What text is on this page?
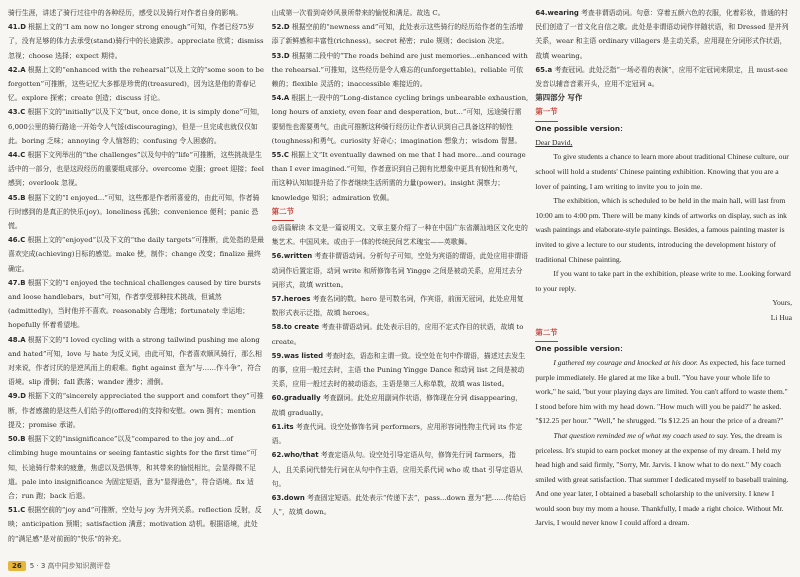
骑行生涯，讲述了骑行过往中的各种经历，感受以及骑行对作者自身的影响。

41.D 根据上文的“I am now no longer strong enough”可知，作者已经75岁了，没有足够的体力去承受(stand)骑行中的长途跋涉。appreciate 欣赏；dismiss 忽视；choose 选择；expect 期待。

42.A 根据上文的“enhanced with the rehearsal”以及上文的“some soon to be forgotten”可推断，这些记忆大多都是珍贵的(treasured)，因为这是他的青春记忆。explore 探索；create 创造；discuss 讨论。

43.C 根据下文的“initially”以及下文“but, once done, it is simply done”可知，6,000公里的骑行路途一开始令人气馁(discouraging)，但是一旦完成也就仅仅如此。boring 乏味；annoying 令人恼怒的；confusing 令人困惑的。

44.C 根据下文列举出的“the challenges”以及句中的“life”可推断，这些挑战是生活中的一部分，也是这段经历的重要组成部分。overcome 克服；greet 迎接；feel 感到；overlook 忽视。

45.B 根据下文的“I enjoyed...”可知，这些都是作者所喜爱的，由此可知，作者骑行时感到的是真正的快乐(joy)。loneliness 孤独；convenience 便利；panic 恐慌。

46.C 根据上文的“enjoyed”以及下文的“the daily targets”可推断，此处指的是最喜欢完成(achieving)日标的感觉。make 使，制作；change 改变；finalize 最终确定。

47.B 根据下文的“I enjoyed the technical challenges caused by tire bursts and loose handlebars，but”可知，作者享受那种技术挑战，但诚然(admittedly)，当时他并不喜欢。reasonably 合理地；fortunately 幸运地；hopefully 怀着希望地。

48.A 根据下文的“I loved cycling with a strong tailwind pushing me along and hated”可知，love 与 hate 为反义词，由此可知，作者喜欢顺风骑行，那么相对来说，作者讨厌的是逆风而上的艰难。fight against 意为“与……作斗争”，符合语境。slip 滑倒；fall 跌落；wander 漫步；滑倒。

49.D 根据下文的“sincerely appreciated the support and comfort they”可推断，作者感激的是这些人们给予的(offered)的支持和安慰。own 拥有；mention 提及；promise 承诺。

50.B 根据下文的“insignificance”以及“compared to the joy and...of climbing huge mountains or seeing fantastic sights for the first time”可知，长途骑行带来的疲惫，焦虑以及恐惧等，和其带来的愉悦相比，会显得微不足道。pale into insignificance 为固定短语，意为“显得逊色”，符合语境。fix 适合；run 跑；back 后退。

51.C 根据空前的“joy and”可推断，空处与 joy 为并列关系。reflection 反射，反映；anticipation 预期；satisfaction 满意；motivation 动机。根据语境，此处的“满足感”是对前面的“快乐”的补充。

山成第一次看到奇妙风景所带来的愉悦和满足。故选 C。

52.D 根据空前的“newness and”可知，此处表示这些骑行的经历给作者的生活增添了新鲜感和丰富性(richness)。secret 秘密；rule 规则；decision 决定。

53.D 根据第二段中的“The roads behind are just memories...enhanced with the rehearsal.”可推知，这些经历是令人难忘的(unforgettable)。reliable 可依赖的；flexible 灵活的；inaccessible 难接近的。

54.A 根据上一段中的“Long-distance cycling brings unbearable exhaustion, long hours of anxiety, even fear and desperation, but...”可知，远途骑行需要韧性也需要勇气，由此可推断这种骑行经历让作者认识到自己具备这样的韧性(toughness)和勇气。curiosity 好奇心；imagination 想象力；wisdom 智慧。

55.C 根据上文“It eventually dawned on me that I had more...and courage than I ever imagined.”可知，作者意识到自己拥有比想象中更具有韧性和勇气，而这种认知如提升给了作者继续生活所需的力量(power)。insight 洞察力；knowledge 知识；admiration 钦佩。

第二节

◎语篇解读 本文是一篇说明文。文章主要介绍了一种在中国广东省潮汕地区文化史的集艺术。中国风来。或由于一体的传统民间艺术瑰宝——英歌舞。

56.written 考查非谓语动词。分析句子可知，空处为宾语的谓语，此处应用非谓语动词作后置定语，动词 write 和所修饰名词 Yingge 之间是被动关系，应用过去分词形式，故填 written。

57.heroes 考查名词的数。hero 是可数名词，作宾语，前面无冠词，此处应用复数形式表示泛指，故填 heroes。

58.to create 考查非谓语动词。此处表示目的，应用不定式作目的状语，故填 to create。

59.was listed 考查时态，语态和主谓一致。设空处在句中作谓语，描述过去发生的事，应用一般过去时，主语 the Puning Yingge Dance 和动词 list 之间是被动关系，应用一般过去时的被动语态，主语是第三人称单数，故填 was listed。

60.gradually 考查副词。此处应用副词作状语，修饰现在分词 disappearing，故填 gradually。

61.its 考查代词。设空处修饰名词 performers，应用形容词性物主代词 its 作定语。

62.who/that 考查定语从句。设空处引导定语从句，修饰先行词 farmers，指人，且关系词代替先行词在从句中作主语，应用关系代词 who 或 that 引导定语从句。

63.down 考查固定短语。此处表示“传递下去”，pass...down 意为“把……传给后人”，故填 down。

64.wearing 考查非谓语动词。句意：穿着五颜六色的衣服，化着彩妆，普通的村民们创造了一首文化自信之歌。此处是非谓语动词作伴随状语，和 Dressed 是并列关系，wear 和主语 ordinary villagers 是主动关系，应用现在分词形式作状语，故填 wearing。

65.a 考查冠词。此处泛指“一场必看的表演”，应用不定冠词来限定，且 must-see 发音以辅音音素开头，应用不定冠词 a。

第四部分 写作

第一节

One possible version：

Dear David,

To give students a chance to learn more about traditional Chinese culture, our school will hold a students' Chinese painting exhibition. Knowing that you are a lover of painting, I am writing to invite you to join me.

The exhibition, which is scheduled to be held in the main hall, will last from 10:00 am to 4:00 pm. There will be many kinds of artworks on display, such as ink wash paintings and elaborate-style paintings. Besides, a famous painting master is invited to give a lecture to our students, introducing the development history of traditional Chinese painting.

If you want to take part in the exhibition, please write to me. Looking forward to your reply.

Yours,

Li Hua

第二节

One possible version：

I gathered my courage and knocked at his door. As expected, his face turned purple immediately. He glared at me like a bull. "You have your whole life to work," he said, "but your playing days are limited. You can't afford to waste them." I stood before him with my head down. "How much will you be paid?" he asked. "$12.25 per hour." "Well," he shrugged. "Is $12.25 an hour the price of a dream?"

That question reminded me of what my coach used to say. Yes, the dream is priceless. It's stupid to earn pocket money at the expense of my dream. I held my head high and said firmly, "Sorry, Mr. Jarvis. I know what to do next." My coach smiled with great satisfaction. That summer I dedicated myself to baseball training. And one year later, I obtained a baseball scholarship to the university. I knew I would soon buy my mom a house. Thankfully, I made a right choice. Without Mr. Jarvis, I would never know I could afford a dream.

26	5 · 3 高中同步知识测评卷
